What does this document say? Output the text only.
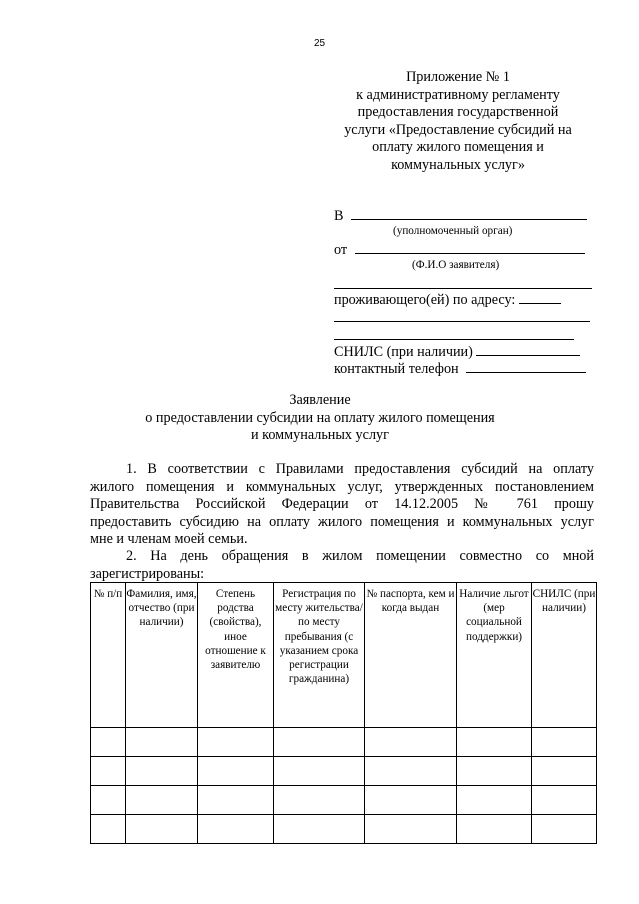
25
Приложение № 1
к административному регламенту
предоставления государственной
услуги «Предоставление субсидий на
оплату жилого помещения и
коммунальных услуг»
В
(уполномоченный орган)
от
(Ф.И.О заявителя)
проживающего(ей) по адресу:
СНИЛС (при наличии)
контактный телефон
Заявление
о предоставлении субсидии на оплату жилого помещения
и коммунальных услуг
1. В соответствии с Правилами предоставления субсидий на оплату
жилого помещения и коммунальных услуг, утвержденных постановлением
Правительства Российской Федерации от 14.12.2005 № 761 прошу
предоставить субсидию на оплату жилого помещения и коммунальных услуг
мне и членам моей семьи.
2. На день обращения в жилом помещении совместно со мной
зарегистрированы:
№ п/п	Фамилия, имя, отчество (при наличии)	Степень родства (свойства), иное отношение к заявителю	Регистрация по месту жительства/по месту пребывания (с указанием срока регистрации гражданина)	№ паспорта, кем и когда выдан	Наличие льгот (мер социальной поддержки)	СНИЛС (при наличии)
